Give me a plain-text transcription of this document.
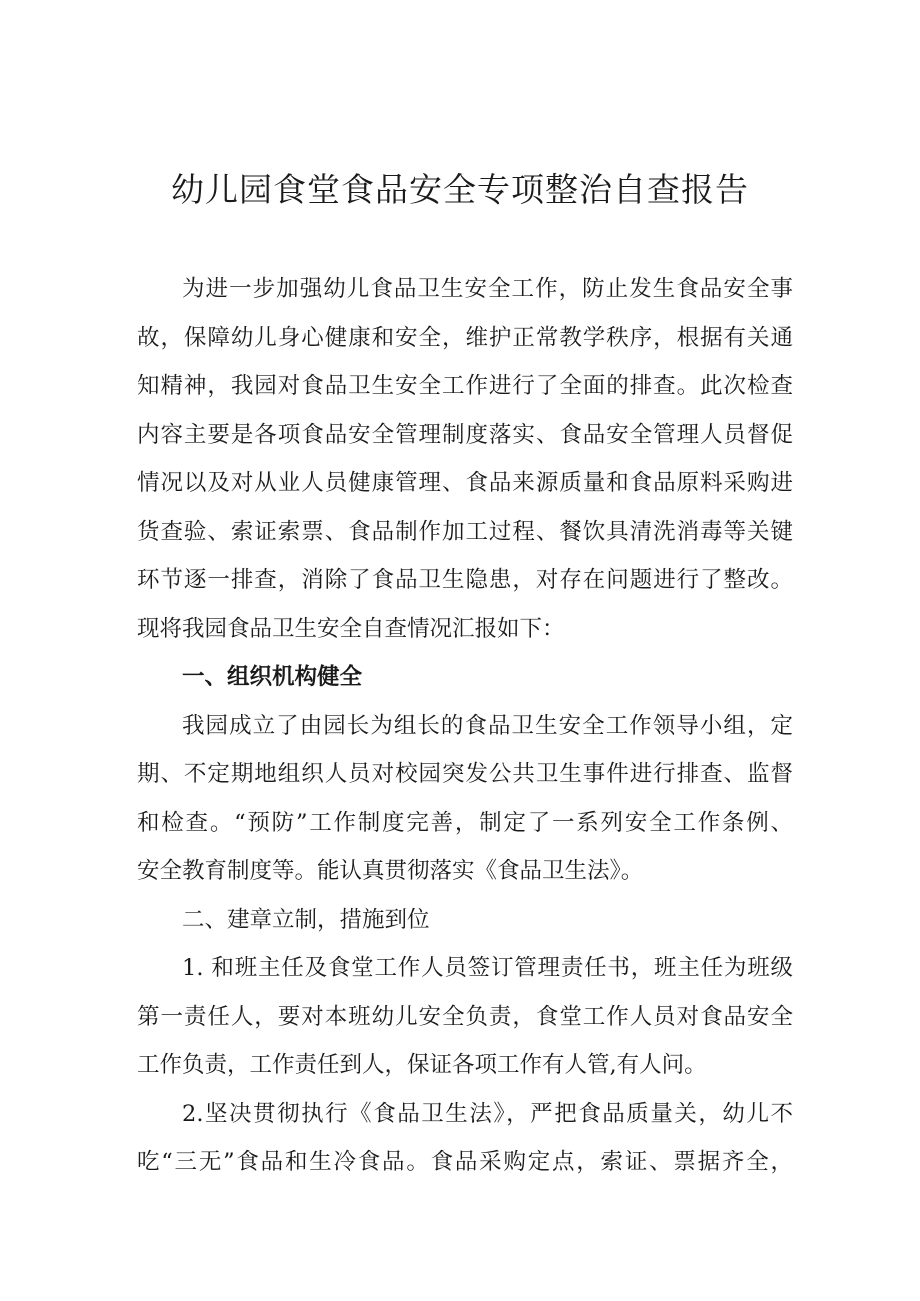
幼儿园食堂食品安全专项整治自查报告
为进一步加强幼儿食品卫生安全工作，防止发生食品安全事
故，保障幼儿身心健康和安全，维护正常教学秩序，根据有关通
知精神，我园对食品卫生安全工作进行了全面的排查。此次检查
内容主要是各项食品安全管理制度落实、食品安全管理人员督促
情况以及对从业人员健康管理、食品来源质量和食品原料采购进
货查验、索证索票、食品制作加工过程、餐饮具清洗消毒等关键
环节逐一排查，消除了食品卫生隐患，对存在问题进行了整改。
现将我园食品卫生安全自查情况汇报如下：
一、组织机构健全
我园成立了由园长为组长的食品卫生安全工作领导小组，定
期、不定期地组织人员对校园突发公共卫生事件进行排查、监督
和检查。“预防”工作制度完善，制定了一系列安全工作条例、
安全教育制度等。能认真贯彻落实《食品卫生法》。
二、建章立制，措施到位
1. 和班主任及食堂工作人员签订管理责任书，班主任为班级
第一责任人，要对本班幼儿安全负责，食堂工作人员对食品安全
工作负责，工作责任到人，保证各项工作有人管,有人问。
2.坚决贯彻执行《食品卫生法》，严把食品质量关，幼儿不
吃“三无”食品和生冷食品。食品采购定点，索证、票据齐全，
